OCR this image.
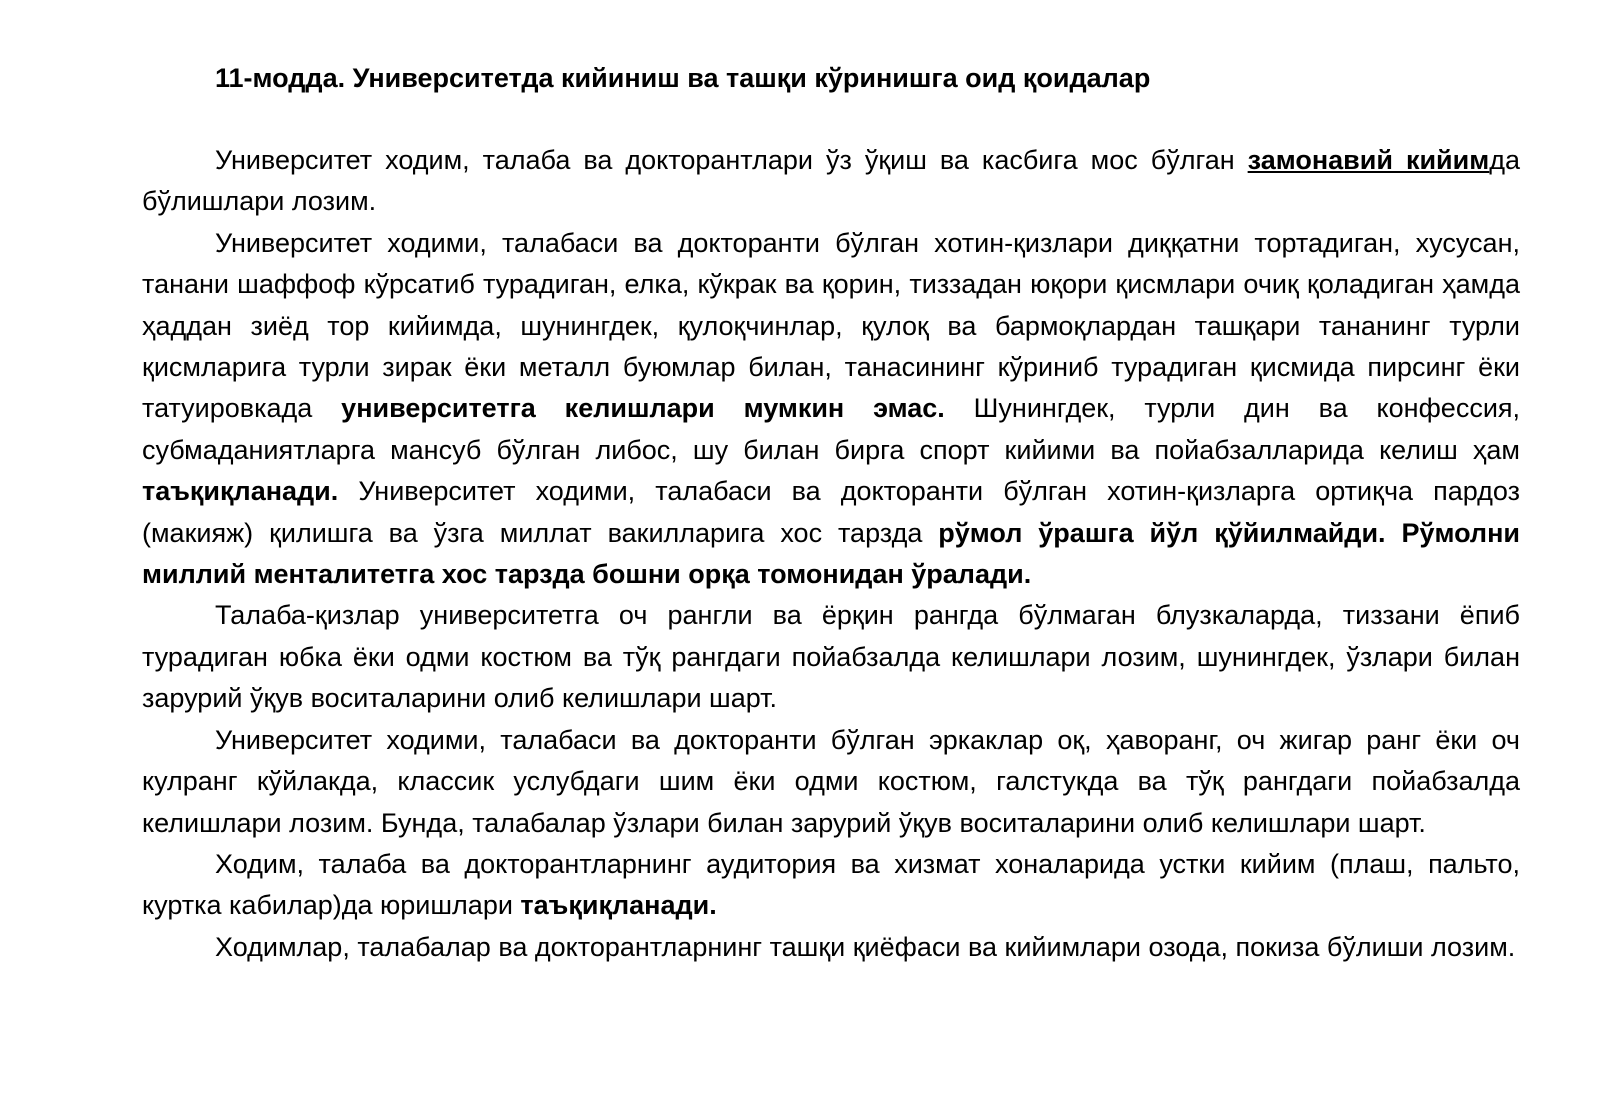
11-модда. Университетда кийиниш ва ташқи кўринишга оид қоидалар

Университет ходим, талаба ва докторантлари ўз ўқиш ва касбига мос бўлган замонавий кийимда бўлишлари лозим.

Университет ходими, талабаси ва докторанти бўлган хотин-қизлари диққатни тортадиган, хусусан, танани шаффоф кўрсатиб турадиган, елка, кўкрак ва қорин, тиззадан юқори қисмлари очиқ қоладиган ҳамда ҳаддан зиёд тор кийимда, шунингдек, қулоқчинлар, қулоқ ва бармоқлардан ташқари тананинг турли қисмларига турли зирак ёки металл буюмлар билан, танасининг кўриниб турадиган қисмида пирсинг ёки татуировкада университетга келишлари мумкин эмас. Шунингдек, турли дин ва конфессия, субмаданиятларга мансуб бўлган либос, шу билан бирга спорт кийими ва пойабзалларида келиш ҳам таъқиқланади. Университет ходими, талабаси ва докторанти бўлган хотин-қизларга ортиқча пардоз (макияж) қилишга ва ўзга миллат вакилларига хос тарзда рўмол ўрашга йўл қўйилмайди. Рўмолни миллий менталитетга хос тарзда бошни орқа томонидан ўралади.

Талаба-қизлар университетга оч рангли ва ёрқин рангда бўлмаган блузкаларда, тиззани ёпиб турадиган юбка ёки одми костюм ва тўқ рангдаги пойабзалда келишлари лозим, шунингдек, ўзлари билан зарурий ўқув воситаларини олиб келишлари шарт.

Университет ходими, талабаси ва докторанти бўлган эркаклар оқ, ҳаворанг, оч жигар ранг ёки оч кулранг кўйлакда, классик услубдаги шим ёки одми костюм, галстукда ва тўқ рангдаги пойабзалда келишлари лозим. Бунда, талабалар ўзлари билан зарурий ўқув воситаларини олиб келишлари шарт.

Ходим, талаба ва докторантларнинг аудитория ва хизмат хоналарида устки кийим (плаш, пальто, куртка кабилар)да юришлари таъқиқланади.

Ходимлар, талабалар ва докторантларнинг ташқи қиёфаси ва кийимлари озода, покиза бўлиши лозим.
